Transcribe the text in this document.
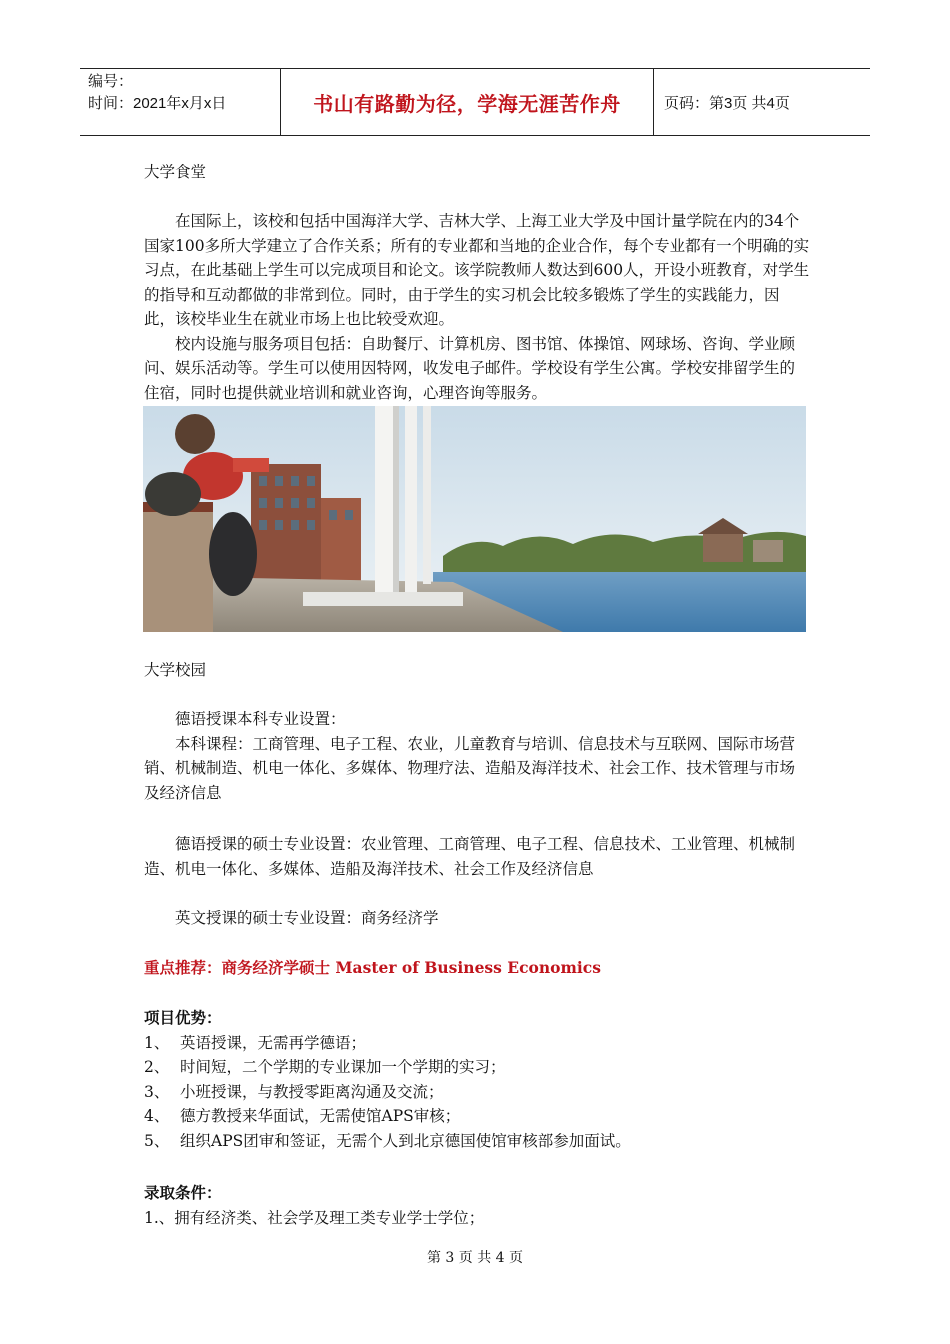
编号：
时间：2021年x月x日	书山有路勤为径，学海无涯苦作舟	页码：第3页 共4页

大学食堂

在国际上，该校和包括中国海洋大学、吉林大学、上海工业大学及中国计量学院在内的34个国家100多所大学建立了合作关系；所有的专业都和当地的企业合作，每个专业都有一个明确的实习点，在此基础上学生可以完成项目和论文。该学院教师人数达到600人，开设小班教育，对学生的指导和互动都做的非常到位。同时，由于学生的实习机会比较多锻炼了学生的实践能力，因此，该校毕业生在就业市场上也比较受欢迎。

校内设施与服务项目包括：自助餐厅、计算机房、图书馆、体操馆、网球场、咨询、学业顾问、娱乐活动等。学生可以使用因特网，收发电子邮件。学校设有学生公寓。学校安排留学生的住宿，同时也提供就业培训和就业咨询，心理咨询等服务。

大学校园

德语授课本科专业设置：

本科课程：工商管理、电子工程、农业，儿童教育与培训、信息技术与互联网、国际市场营销、机械制造、机电一体化、多媒体、物理疗法、造船及海洋技术、社会工作、技术管理与市场及经济信息

德语授课的硕士专业设置：农业管理、工商管理、电子工程、信息技术、工业管理、机械制造、机电一体化、多媒体、造船及海洋技术、社会工作及经济信息

英文授课的硕士专业设置：商务经济学

重点推荐：商务经济学硕士 Master of Business Economics

项目优势：

1、 英语授课，无需再学德语；
2、 时间短，二个学期的专业课加一个学期的实习；
3、 小班授课，与教授零距离沟通及交流；
4、 德方教授来华面试，无需使馆APS审核；
5、 组织APS团审和签证，无需个人到北京德国使馆审核部参加面试。

录取条件：

1.、拥有经济类、社会学及理工类专业学士学位；

第 3 页 共 4 页
